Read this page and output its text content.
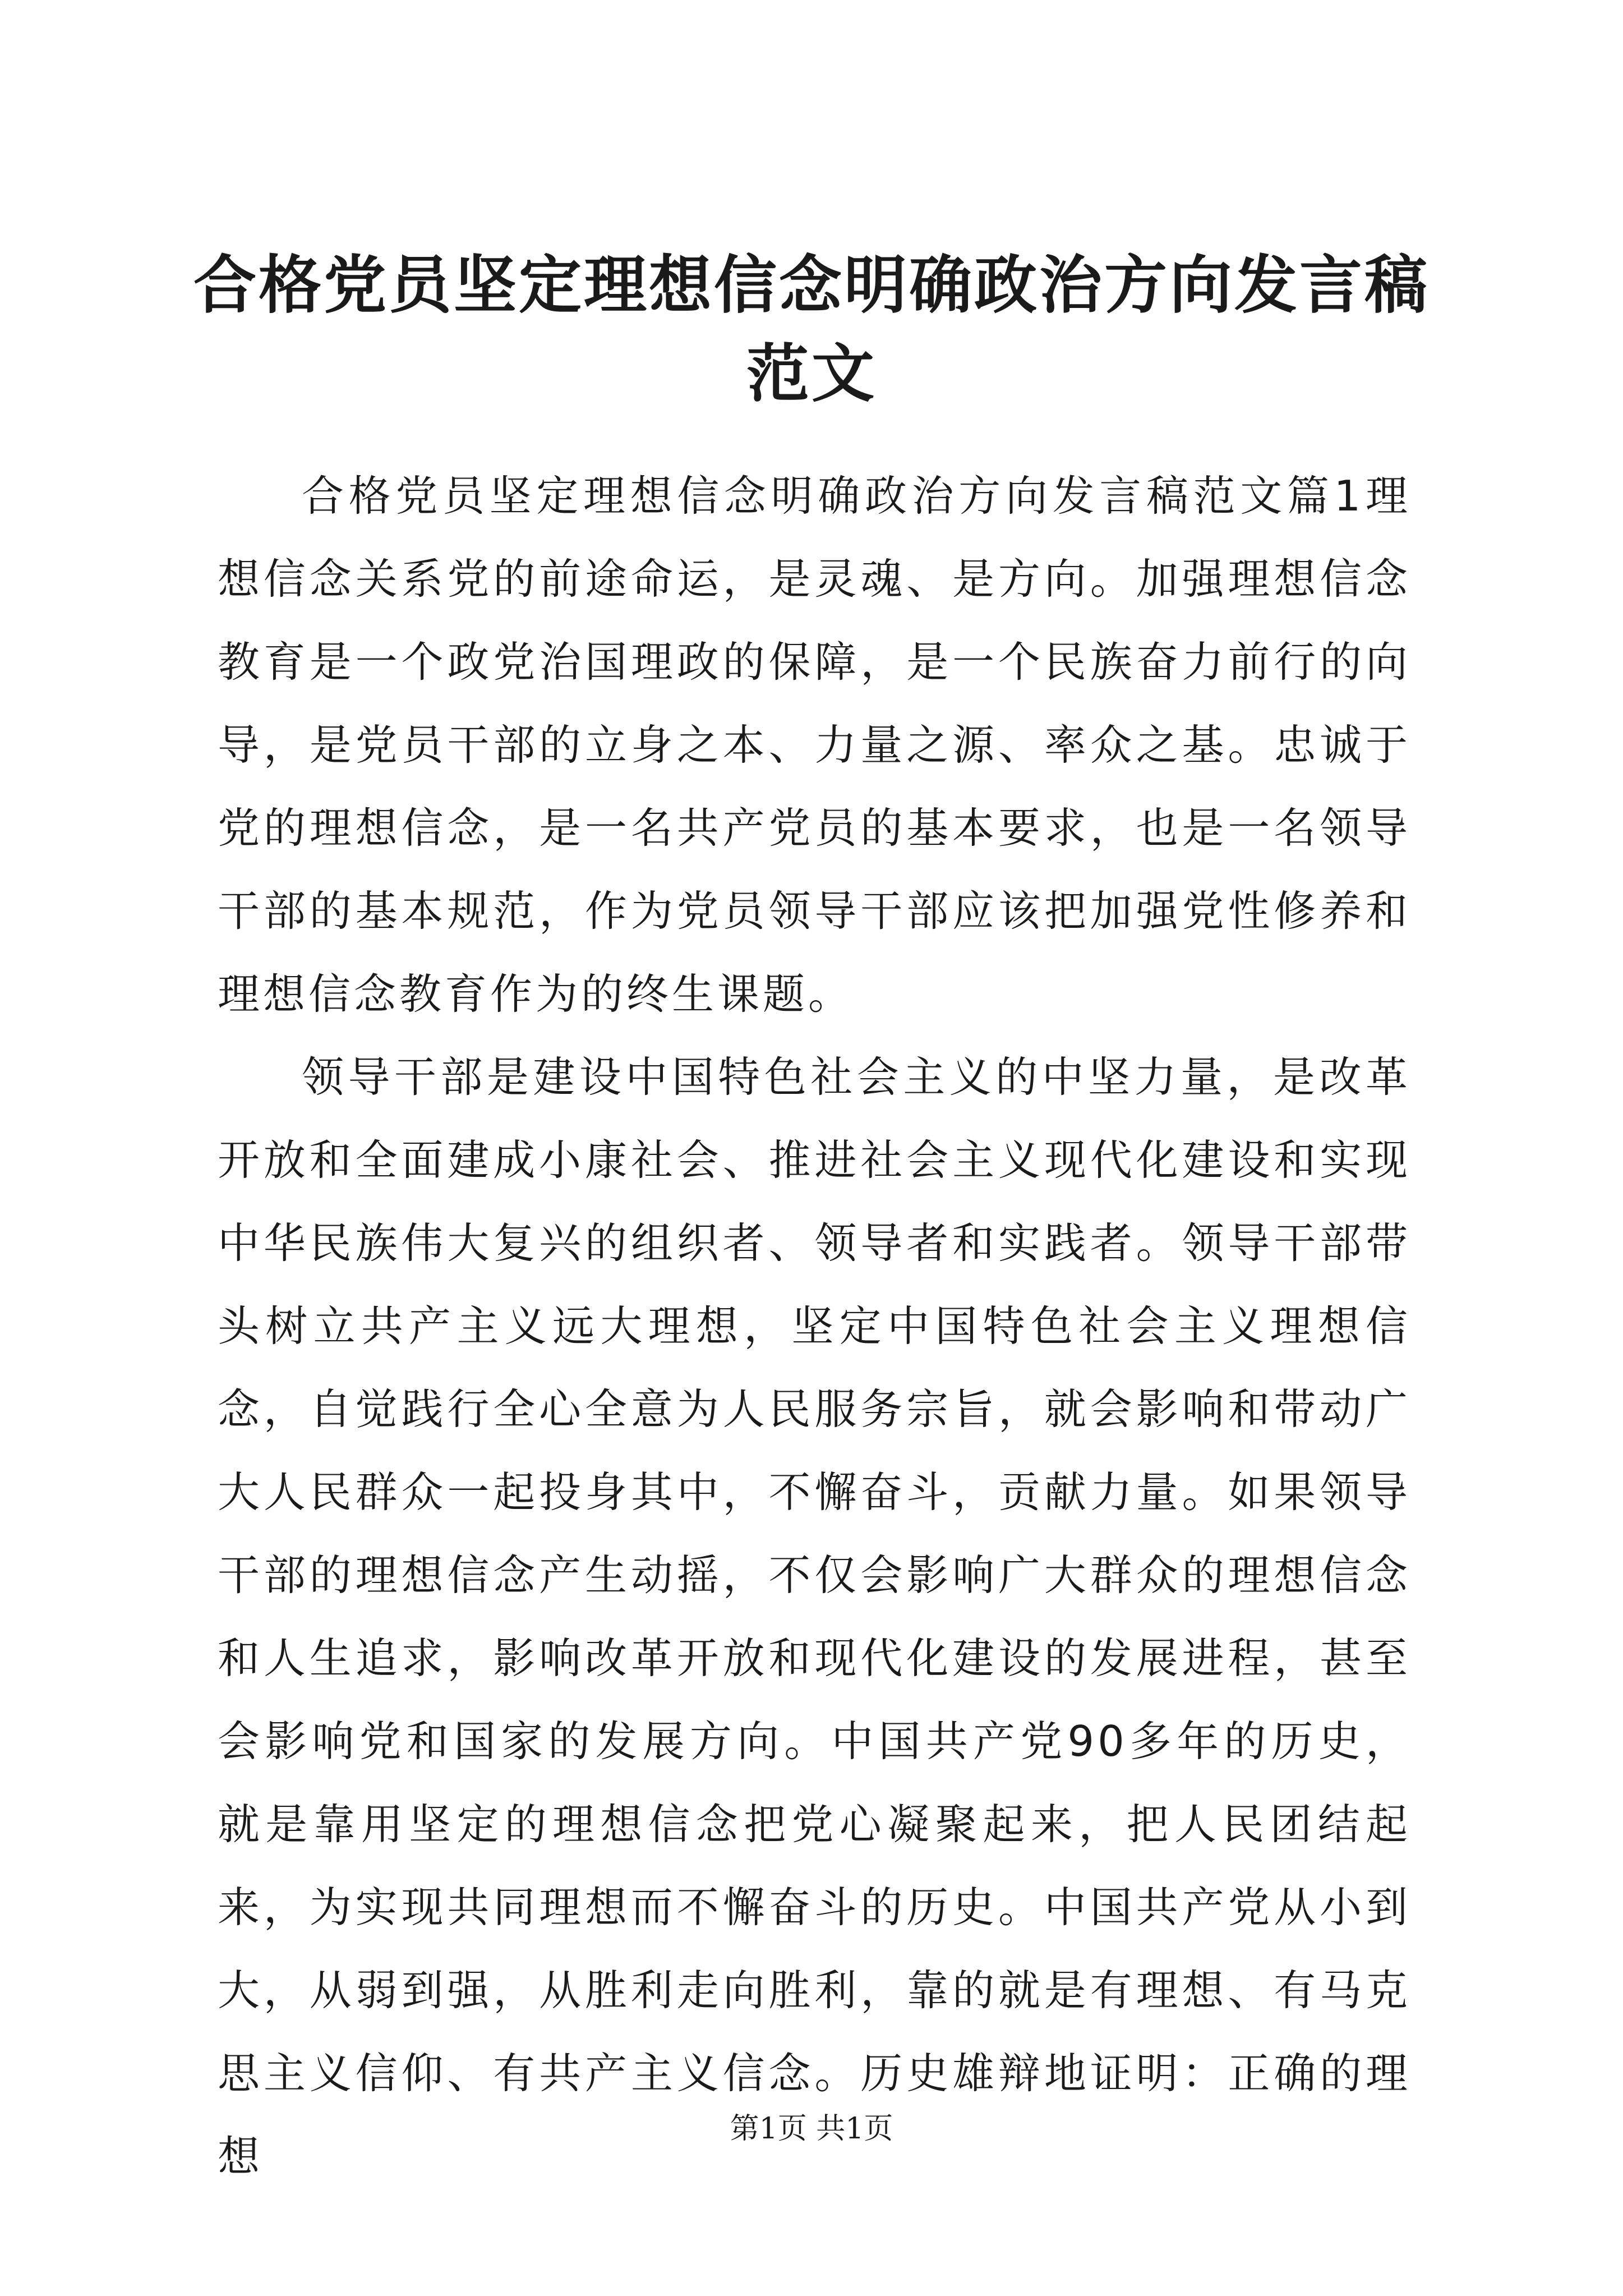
合格党员坚定理想信念明确政治方向发言稿范文

合格党员坚定理想信念明确政治方向发言稿范文篇1理想信念关系党的前途命运，是灵魂、是方向。加强理想信念教育是一个政党治国理政的保障，是一个民族奋力前行的向导，是党员干部的立身之本、力量之源、率众之基。忠诚于党的理想信念，是一名共产党员的基本要求，也是一名领导干部的基本规范，作为党员领导干部应该把加强党性修养和理想信念教育作为的终生课题。

领导干部是建设中国特色社会主义的中坚力量，是改革开放和全面建成小康社会、推进社会主义现代化建设和实现中华民族伟大复兴的组织者、领导者和实践者。领导干部带头树立共产主义远大理想，坚定中国特色社会主义理想信念，自觉践行全心全意为人民服务宗旨，就会影响和带动广大人民群众一起投身其中，不懈奋斗，贡献力量。如果领导干部的理想信念产生动摇，不仅会影响广大群众的理想信念和人生追求，影响改革开放和现代化建设的发展进程，甚至会影响党和国家的发展方向。中国共产党90多年的历史，就是靠用坚定的理想信念把党心凝聚起来，把人民团结起来，为实现共同理想而不懈奋斗的历史。中国共产党从小到大，从弱到强，从胜利走向胜利，靠的就是有理想、有马克思主义信仰、有共产主义信念。历史雄辩地证明：正确的理想

第1页 共1页
